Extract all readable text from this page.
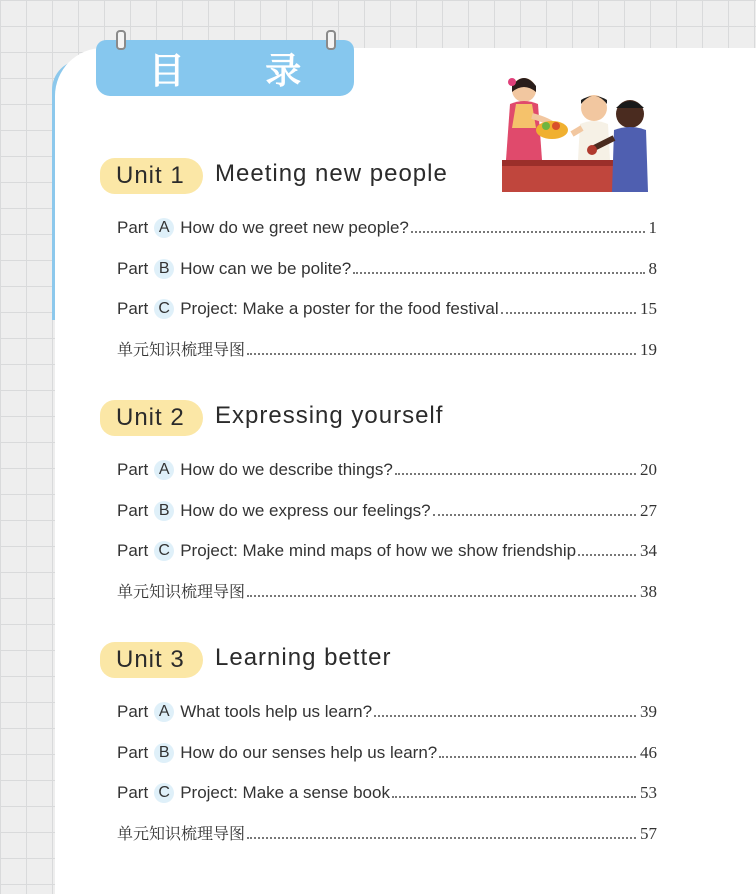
目 录
Unit 1 Meeting new people
Part A How do we greet new people?	1
Part B How can we be polite?	8
Part C Project: Make a poster for the food festival	15
单元知识梳理导图	19
Unit 2 Expressing yourself
Part A How do we describe things?	20
Part B How do we express our feelings?	27
Part C Project: Make mind maps of how we show friendship	34
单元知识梳理导图	38
Unit 3 Learning better
Part A What tools help us learn?	39
Part B How do our senses help us learn?	46
Part C Project: Make a sense book	53
单元知识梳理导图	57
